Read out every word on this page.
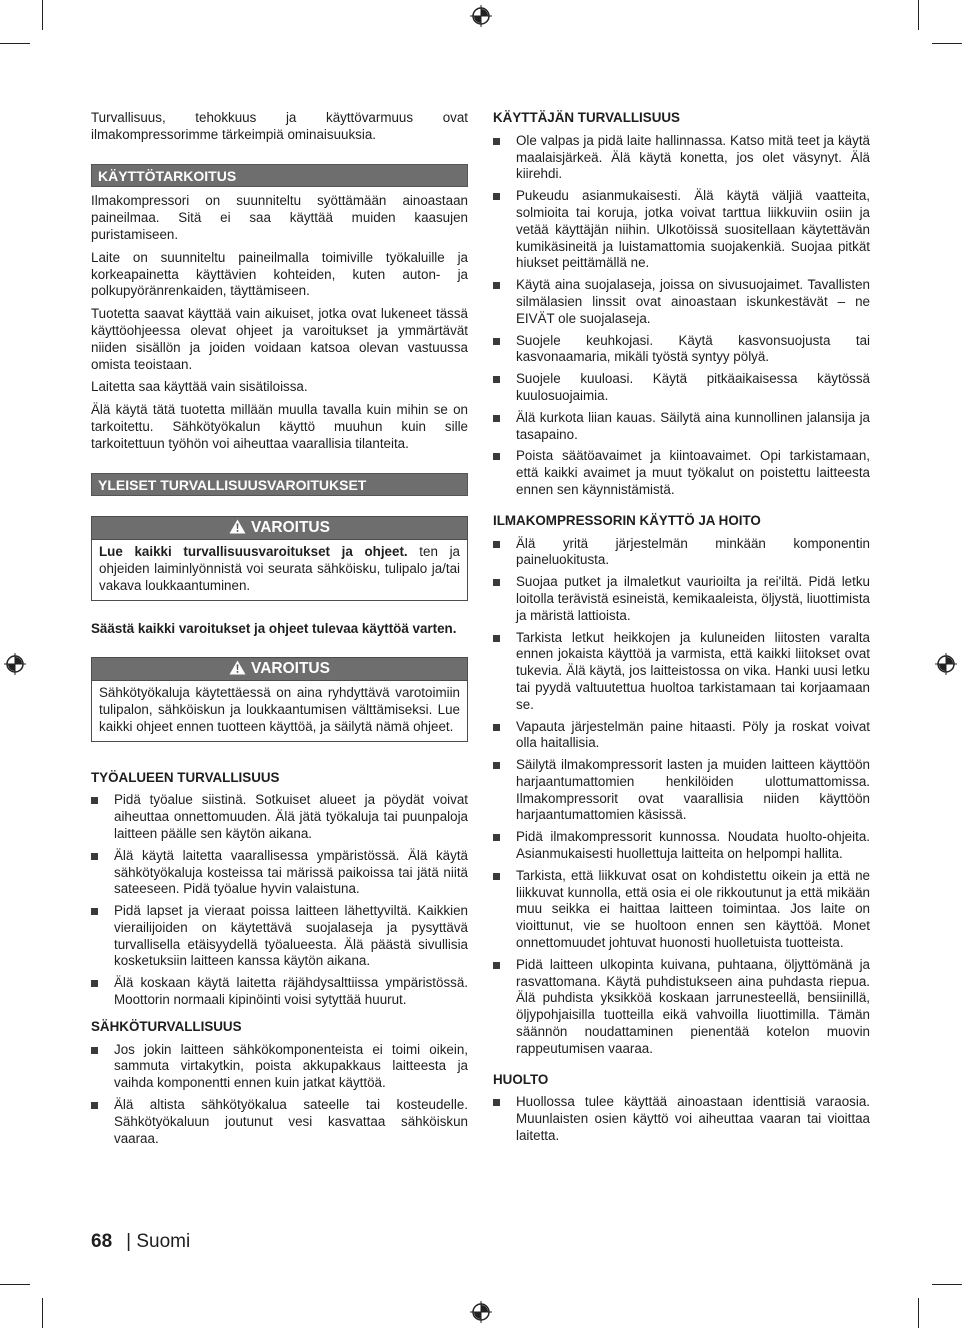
Turvallisuus, tehokkuus ja käyttövarmuus ovat ilmakompressorimme tärkeimpiä ominaisuuksia.

KÄYTTÖTARKOITUS

Ilmakompressori on suunniteltu syöttämään ainoastaan paineilmaa. Sitä ei saa käyttää muiden kaasujen puristamiseen.

Laite on suunniteltu paineilmalla toimiville työkaluille ja korkeapainetta käyttävien kohteiden, kuten auton- ja polkupyöränrenkaiden, täyttämiseen.

Tuotetta saavat käyttää vain aikuiset, jotka ovat lukeneet tässä käyttöohjeessa olevat ohjeet ja varoitukset ja ymmärtävät niiden sisällön ja joiden voidaan katsoa olevan vastuussa omista teoistaan.

Laitetta saa käyttää vain sisätiloissa.

Älä käytä tätä tuotetta millään muulla tavalla kuin mihin se on tarkoitettu. Sähkötyökalun käyttö muuhun kuin sille tarkoitettuun työhön voi aiheuttaa vaarallisia tilanteita.

YLEISET TURVALLISUUSVAROITUKSET
VAROITUS
Lue kaikki turvallisuusvaroitukset ja ohjeet. ten ja ohjeiden laiminlyönnistä voi seurata sähköisku, tulipalo ja/tai vakava loukkaantuminen.

Säästä kaikki varoitukset ja ohjeet tulevaa käyttöä varten.

VAROITUS
Sähkötyökaluja käytettäessä on aina ryhdyttävä varotoimiin tulipalon, sähköiskun ja loukkaantumisen välttämiseksi. Lue kaikki ohjeet ennen tuotteen käyttöä, ja säilytä nämä ohjeet.
TYÖALUEEN TURVALLISUUS
Pidä työalue siistinä. Sotkuiset alueet ja pöydät voivat aiheuttaa onnettomuuden. Älä jätä työkaluja tai puunpaloja laitteen päälle sen käytön aikana.
Älä käytä laitetta vaarallisessa ympäristössä. Älä käytä sähkötyökaluja kosteissa tai märissä paikoissa tai jätä niitä sateeseen. Pidä työalue hyvin valaistuna.
Pidä lapset ja vieraat poissa laitteen lähettyviltä. Kaikkien vierailijoiden on käytettävä suojalaseja ja pysyttävä turvallisella etäisyydellä työalueesta. Älä päästä sivullisia kosketuksiin laitteen kanssa käytön aikana.
Älä koskaan käytä laitetta räjähdysalttiissa ympäristössä. Moottorin normaali kipinöinti voisi sytyttää huurut.
SÄHKÖTURVALLISUUS
Jos jokin laitteen sähkökomponenteista ei toimi oikein, sammuta virtakytkin, poista akkupakkaus laitteesta ja vaihda komponentti ennen kuin jatkat käyttöä.
Älä altista sähkötyökalua sateelle tai kosteudelle. Sähkötyökaluun joutunut vesi kasvattaa sähköiskun vaaraa.
KÄYTTÄJÄN TURVALLISUUS
Ole valpas ja pidä laite hallinnassa. Katso mitä teet ja käytä maalaisjärkeä. Älä käytä konetta, jos olet väsynyt. Älä kiirehdi.
Pukeudu asianmukaisesti. Älä käytä väljiä vaatteita, solmioita tai koruja, jotka voivat tarttua liikkuviin osiin ja vetää käyttäjän niihin. Ulkotöissä suositellaan käytettävän kumikäsineitä ja luistamattomia suojakenkiä. Suojaa pitkät hiukset peittämällä ne.
Käytä aina suojalaseja, joissa on sivusuojaimet. Tavallisten silmälasien linssit ovat ainoastaan iskunkestävät – ne EIVÄT ole suojalaseja.
Suojele keuhkojasi. Käytä kasvonsuojusta tai kasvonaamaria, mikäli työstä syntyy pölyä.
Suojele kuuloasi. Käytä pitkäaikaisessa käytössä kuulosuojaimia.
Älä kurkota liian kauas. Säilytä aina kunnollinen jalansija ja tasapaino.
Poista säätöavaimet ja kiintoavaimet. Opi tarkistamaan, että kaikki avaimet ja muut työkalut on poistettu laitteesta ennen sen käynnistämistä.
ILMAKOMPRESSORIN KÄYTTÖ JA HOITO
Älä yritä järjestelmän minkään komponentin paineluokitusta.
Suojaa putket ja ilmaletkut vaurioilta ja rei'iltä. Pidä letku loitolla terävistä esineistä, kemikaaleista, öljystä, liuottimista ja märistä lattioista.
Tarkista letkut heikkojen ja kuluneiden liitosten varalta ennen jokaista käyttöä ja varmista, että kaikki liitokset ovat tukevia. Älä käytä, jos laitteistossa on vika. Hanki uusi letku tai pyydä valtuutettua huoltoa tarkistamaan tai korjaamaan se.
Vapauta järjestelmän paine hitaasti. Pöly ja roskat voivat olla haitallisia.
Säilytä ilmakompressorit lasten ja muiden laitteen käyttöön harjaantumattomien henkilöiden ulottumattomissa. Ilmakompressorit ovat vaarallisia niiden käyttöön harjaantumattomien käsissä.
Pidä ilmakompressorit kunnossa. Noudata huolto-ohjeita. Asianmukaisesti huollettuja laitteita on helpompi hallita.
Tarkista, että liikkuvat osat on kohdistettu oikein ja että ne liikkuvat kunnolla, että osia ei ole rikkoutunut ja että mikään muu seikka ei haittaa laitteen toimintaa. Jos laite on vioittunut, vie se huoltoon ennen sen käyttöä. Monet onnettomuudet johtuvat huonosti huolletuista tuotteista.
Pidä laitteen ulkopinta kuivana, puhtaana, öljyttömänä ja rasvattomana. Käytä puhdistukseen aina puhdasta riepua. Älä puhdista yksikköä koskaan jarrunesteellä, bensiinillä, öljypohjaisilla tuotteilla eikä vahvoilla liuottimilla. Tämän säännön noudattaminen pienentää kotelon muovin rappeutumisen vaaraa.
HUOLTO
Huollossa tulee käyttää ainoastaan identtisiä varaosia. Muunlaisten osien käyttö voi aiheuttaa vaaran tai vioittaa laitetta.
68 | Suomi
